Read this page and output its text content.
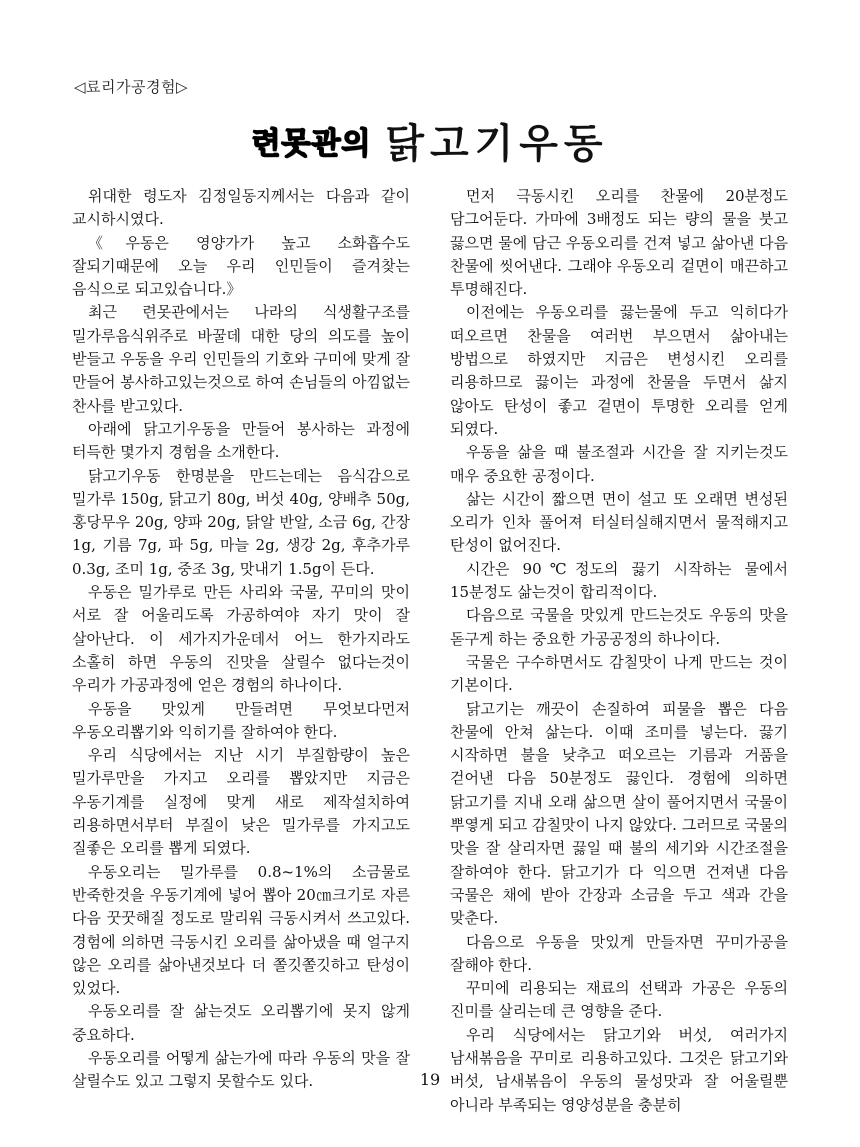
◁료리가공경험▷
련못관의 닭고기우동

위대한 령도자 김정일동지께서는 다음과 같이 교시하시였다.

《우동은 영양가가 높고 소화흡수도 잘되기때문에 오늘 우리 인민들이 즐겨찾는 음식으로 되고있습니다.》

최근 련못관에서는 나라의 식생활구조를 밀가루음식위주로 바꿀데 대한 당의 의도를 높이 받들고 우동을 우리 인민들의 기호와 구미에 맞게 잘 만들어 봉사하고있는것으로 하여 손님들의 아낌없는 찬사를 받고있다.

아래에 닭고기우동을 만들어 봉사하는 과정에 터득한 몇가지 경험을 소개한다.

닭고기우동 한명분을 만드는데는 음식감으로 밀가루 150g, 닭고기 80g, 버섯 40g, 양배추 50g, 홍당무우 20g, 양파 20g, 닭알 반알, 소금 6g, 간장 1g, 기름 7g, 파 5g, 마늘 2g, 생강 2g, 후추가루 0.3g, 조미 1g, 중조 3g, 맛내기 1.5g이 든다.

우동은 밀가루로 만든 사리와 국물, 꾸미의 맛이 서로 잘 어울리도록 가공하여야 자기 맛이 잘 살아난다. 이 세가지가운데서 어느 한가지라도 소홀히 하면 우동의 진맛을 살릴수 없다는것이 우리가 가공과정에 얻은 경험의 하나이다.

우동을 맛있게 만들려면 무엇보다먼저 우동오리뽑기와 익히기를 잘하여야 한다.

우리 식당에서는 지난 시기 부질함량이 높은 밀가루만을 가지고 오리를 뽑았지만 지금은 우동기계를 실정에 맞게 새로 제작설치하여 리용하면서부터 부질이 낮은 밀가루를 가지고도 질좋은 오리를 뽑게 되였다.

우동오리는 밀가루를 0.8~1%의 소금물로 반죽한것을 우동기계에 넣어 뽑아 20㎝크기로 자른 다음 꿋꿋해질 정도로 말리워 극동시켜서 쓰고있다. 경험에 의하면 극동시킨 오리를 삶아냈을 때 얼구지 않은 오리를 삶아낸것보다 더 쫄깃쫄깃하고 탄성이 있었다.

우동오리를 잘 삶는것도 오리뽑기에 못지 않게 중요하다.

우동오리를 어떻게 삶는가에 따라 우동의 맛을 잘 살릴수도 있고 그렇지 못할수도 있다.

먼저 극동시킨 오리를 찬물에 20분정도 담그어둔다. 가마에 3배정도 되는 량의 물을 붓고 끓으면 물에 담근 우동오리를 건져 넣고 삶아낸 다음 찬물에 씻어낸다. 그래야 우동오리 겉면이 매끈하고 투명해진다.

이전에는 우동오리를 끓는물에 두고 익히다가 떠오르면 찬물을 여러번 부으면서 삶아내는 방법으로 하였지만 지금은 변성시킨 오리를 리용하므로 끓이는 과정에 찬물을 두면서 삶지 않아도 탄성이 좋고 겉면이 투명한 오리를 얻게 되였다.

우동을 삶을 때 불조절과 시간을 잘 지키는것도 매우 중요한 공정이다.

삶는 시간이 짧으면 면이 설고 또 오래면 변성된 오리가 인차 풀어져 터실터실해지면서 물적해지고 탄성이 없어진다.

시간은 90℃정도의 끓기 시작하는 물에서 15분정도 삶는것이 합리적이다.

다음으로 국물을 맛있게 만드는것도 우동의 맛을 돋구게 하는 중요한 가공공정의 하나이다.

국물은 구수하면서도 감칠맛이 나게 만드는 것이 기본이다.

닭고기는 깨끗이 손질하여 피물을 뽑은 다음 찬물에 안쳐 삶는다. 이때 조미를 넣는다. 끓기 시작하면 불을 낮추고 떠오르는 기름과 거품을 걷어낸 다음 50분정도 끓인다. 경험에 의하면 닭고기를 지내 오래 삶으면 살이 풀어지면서 국물이 뿌옇게 되고 감칠맛이 나지 않았다. 그러므로 국물의 맛을 잘 살리자면 끓일 때 불의 세기와 시간조절을 잘하여야 한다. 닭고기가 다 익으면 건져낸 다음 국물은 채에 받아 간장과 소금을 두고 색과 간을 맞춘다.

다음으로 우동을 맛있게 만들자면 꾸미가공을 잘해야 한다.

꾸미에 리용되는 재료의 선택과 가공은 우동의 진미를 살리는데 큰 영향을 준다.

우리 식당에서는 닭고기와 버섯, 여러가지 남새볶음을 꾸미로 리용하고있다. 그것은 닭고기와 버섯, 남새볶음이 우동의 물성맛과 잘 어울릴뿐 아니라 부족되는 영양성분을 충분히

19
